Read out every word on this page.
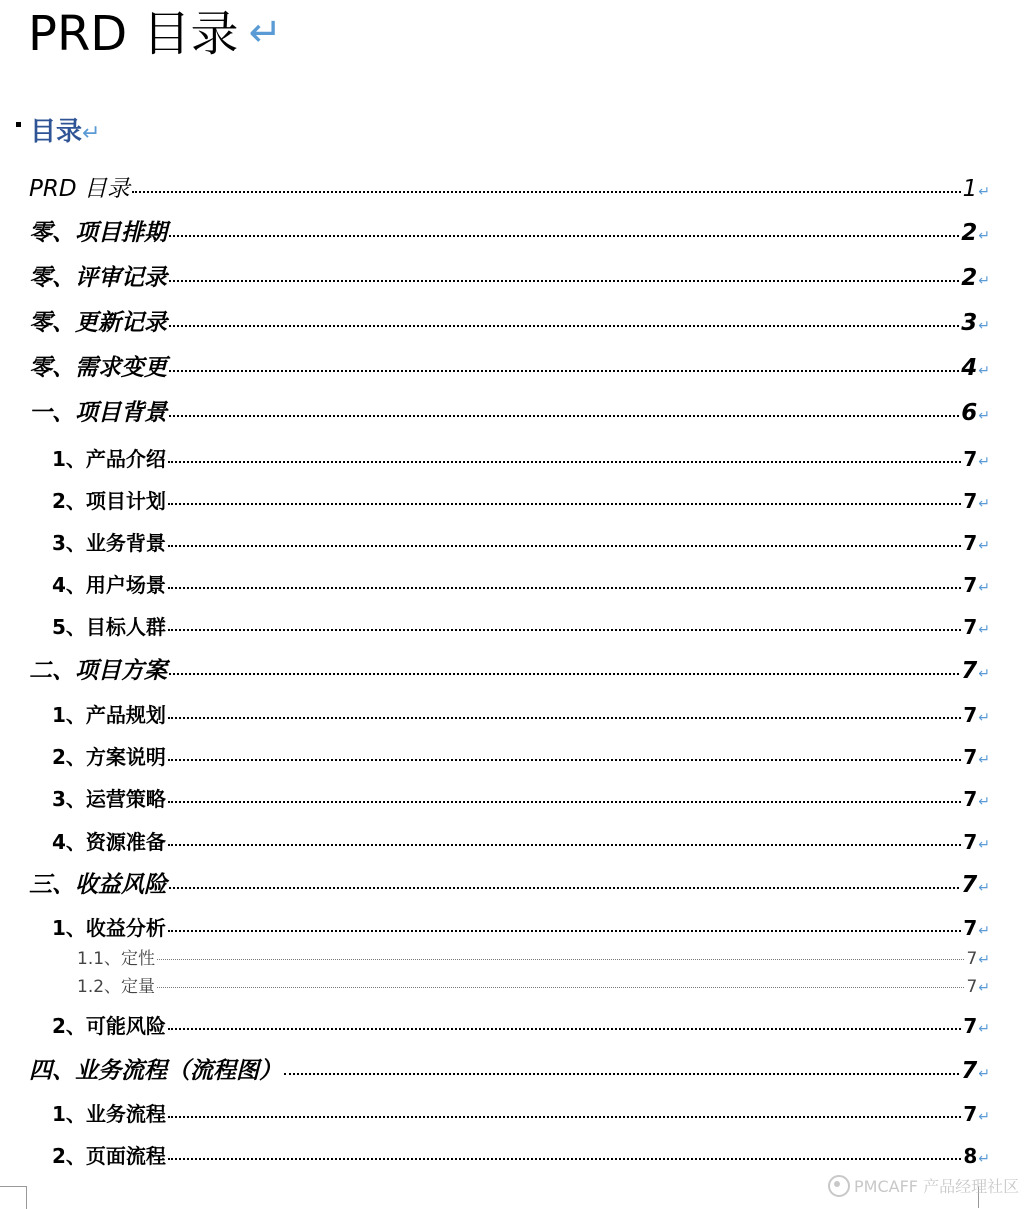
PRD 目录 ↵
目录↵
PRD 目录	1 ↵
零、项目排期	2 ↵
零、评审记录	2 ↵
零、更新记录	3 ↵
零、需求变更	4 ↵
一、项目背景	6 ↵
1、产品介绍	7 ↵
2、项目计划	7 ↵
3、业务背景	7 ↵
4、用户场景	7 ↵
5、目标人群	7 ↵
二、项目方案	7 ↵
1、产品规划	7 ↵
2、方案说明	7 ↵
3、运营策略	7 ↵
4、资源准备	7 ↵
三、收益风险	7 ↵
1、收益分析	7 ↵
1.1、定性	7 ↵
1.2、定量	7 ↵
2、可能风险	7 ↵
四、业务流程（流程图）	7 ↵
1、业务流程	7 ↵
2、页面流程	8 ↵
PMCAFF 产品经理社区
